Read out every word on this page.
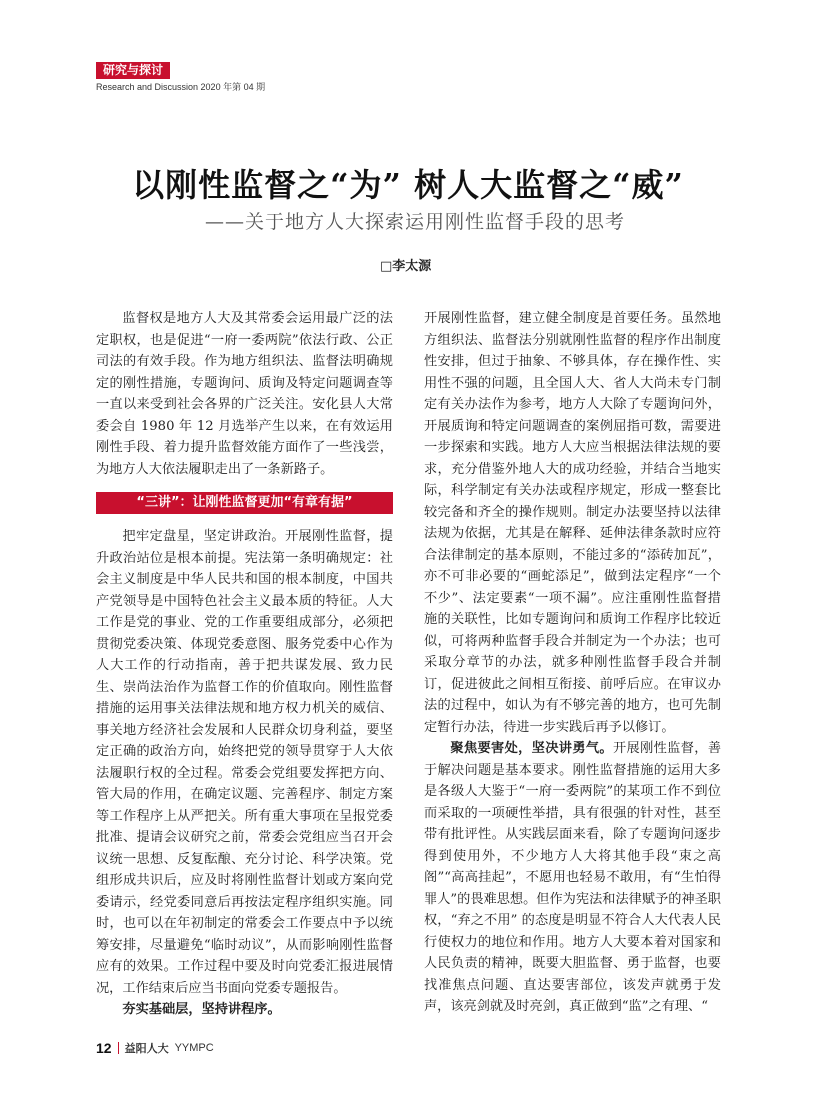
研究与探讨
Research and Discussion 2020 年第 04 期
以刚性监督之“为” 树人大监督之“威”
——关于地方人大探索运用刚性监督手段的思考
□李太源

监督权是地方人大及其常委会运用最广泛的法定职权，也是促进“一府一委两院”依法行政、公正司法的有效手段。作为地方组织法、监督法明确规定的刚性措施，专题询问、质询及特定问题调查等一直以来受到社会各界的广泛关注。安化县人大常委会自 1980 年 12 月选举产生以来，在有效运用刚性手段、着力提升监督效能方面作了一些浅尝，为地方人大依法履职走出了一条新路子。

“三讲”：让刚性监督更加“有章有据”

把牢定盘星，坚定讲政治。开展刚性监督，提升政治站位是根本前提。宪法第一条明确规定：社会主义制度是中华人民共和国的根本制度，中国共产党领导是中国特色社会主义最本质的特征。人大工作是党的事业、党的工作重要组成部分，必须把贯彻党委决策、体现党委意图、服务党委中心作为人大工作的行动指南，善于把共谋发展、致力民生、崇尚法治作为监督工作的价值取向。刚性监督措施的运用事关法律法规和地方权力机关的威信、事关地方经济社会发展和人民群众切身利益，要坚定正确的政治方向，始终把党的领导贯穿于人大依法履职行权的全过程。常委会党组要发挥把方向、管大局的作用，在确定议题、完善程序、制定方案等工作程序上从严把关。所有重大事项在呈报党委批准、提请会议研究之前，常委会党组应当召开会议统一思想、反复酝酿、充分讨论、科学决策。党组形成共识后，应及时将刚性监督计划或方案向党委请示，经党委同意后再按法定程序组织实施。同时，也可以在年初制定的常委会工作要点中予以统筹安排，尽量避免“临时动议”，从而影响刚性监督应有的效果。工作过程中要及时向党委汇报进展情况，工作结束后应当书面向党委专题报告。

夯实基础层，坚持讲程序。

开展刚性监督，建立健全制度是首要任务。虽然地方组织法、监督法分别就刚性监督的程序作出制度性安排，但过于抽象、不够具体，存在操作性、实用性不强的问题，且全国人大、省人大尚未专门制定有关办法作为参考，地方人大除了专题询问外，开展质询和特定问题调查的案例屈指可数，需要进一步探索和实践。地方人大应当根据法律法规的要求，充分借鉴外地人大的成功经验，并结合当地实际，科学制定有关办法或程序规定，形成一整套比较完备和齐全的操作规则。制定办法要坚持以法律法规为依据，尤其是在解释、延伸法律条款时应符合法律制定的基本原则，不能过多的“添砖加瓦”，亦不可非必要的“画蛇添足”，做到法定程序“一个不少”、法定要素“一项不漏”。应注重刚性监督措施的关联性，比如专题询问和质询工作程序比较近似，可将两种监督手段合并制定为一个办法；也可采取分章节的办法，就多种刚性监督手段合并制订，促进彼此之间相互衔接、前呼后应。在审议办法的过程中，如认为有不够完善的地方，也可先制定暂行办法，待进一步实践后再予以修订。

聚焦要害处，坚决讲勇气。开展刚性监督，善于解决问题是基本要求。刚性监督措施的运用大多是各级人大鉴于“一府一委两院”的某项工作不到位而采取的一项硬性举措，具有很强的针对性，甚至带有批评性。从实践层面来看，除了专题询问逐步得到使用外，不少地方人大将其他手段“束之高阁”“高高挂起”，不愿用也轻易不敢用，有“生怕得罪人”的畏难思想。但作为宪法和法律赋予的神圣职权，“弃之不用” 的态度是明显不符合人大代表人民行使权力的地位和作用。地方人大要本着对国家和人民负责的精神，既要大胆监督、勇于监督，也要找准焦点问题、直达要害部位，该发声就勇于发声，该亮剑就及时亮剑，真正做到“监”之有理、“

12 益阳人大 YYMPC
